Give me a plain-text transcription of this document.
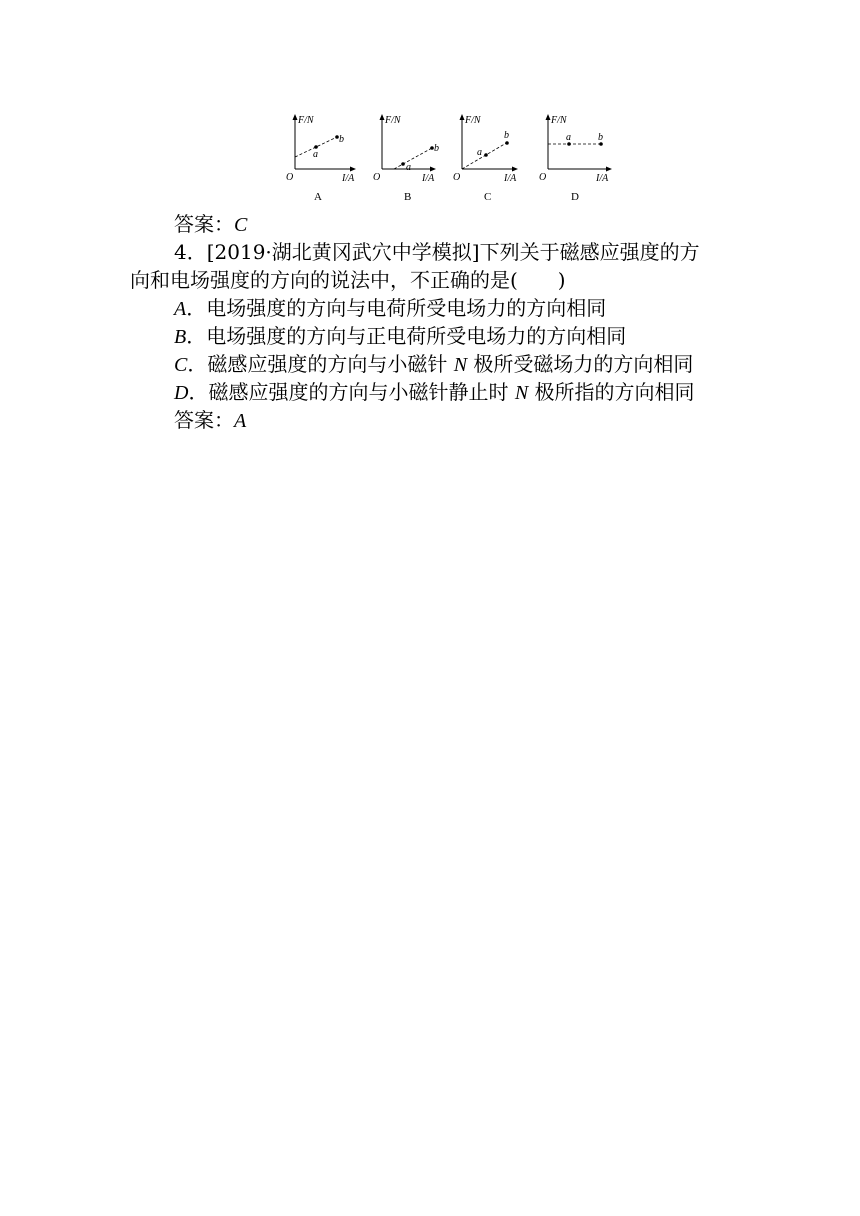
F/N
I/A
O
a
b
A
F/N
I/A
O
a
b
B
F/N
I/A
O
a
b
C
F/N
I/A
O
a	b
D
答案：C
4．[2019·湖北黄冈武穴中学模拟]下列关于磁感应强度的方
向和电场强度的方向的说法中，不正确的是(　　)
A．电场强度的方向与电荷所受电场力的方向相同
B．电场强度的方向与正电荷所受电场力的方向相同
C．磁感应强度的方向与小磁针 N 极所受磁场力的方向相同
D．磁感应强度的方向与小磁针静止时 N 极所指的方向相同
答案：A
